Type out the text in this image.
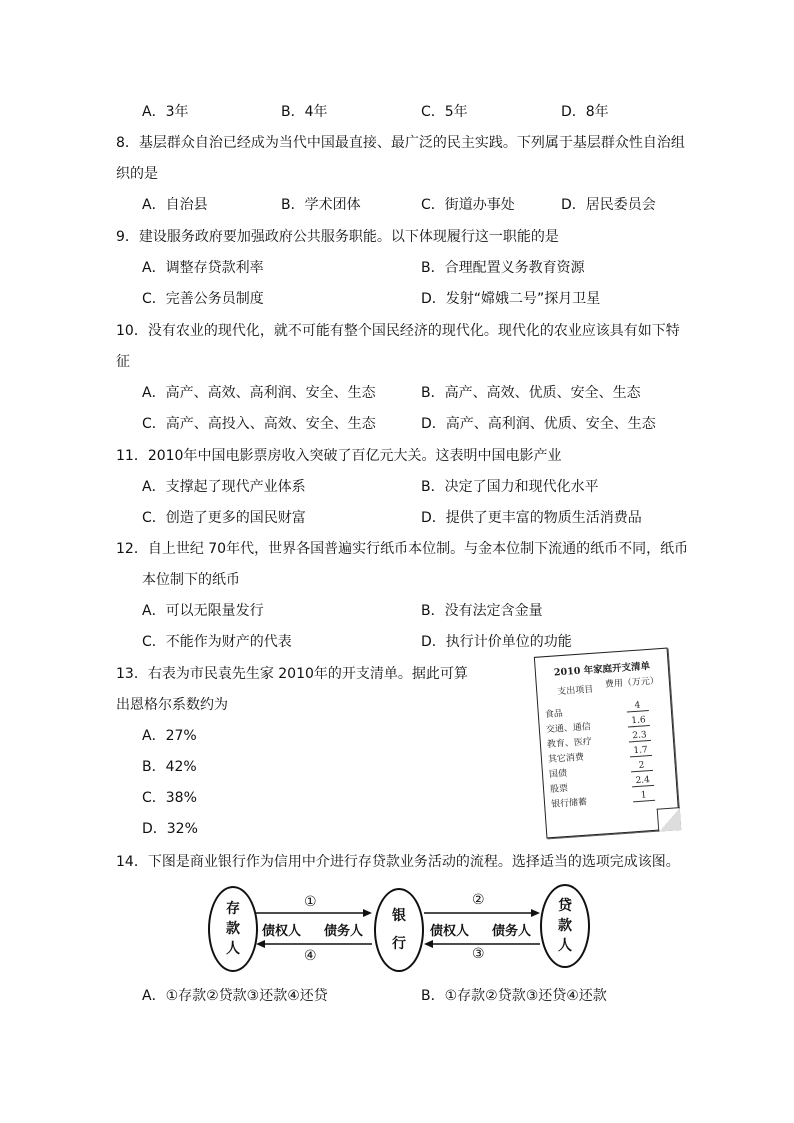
A．3年	B．4年	C．5年	D．8年
8．基层群众自治已经成为当代中国最直接、最广泛的民主实践。下列属于基层群众性自治组
织的是
A．自治县	B．学术团体	C．街道办事处	D．居民委员会
9．建设服务政府要加强政府公共服务职能。以下体现履行这一职能的是
A．调整存贷款利率	B．合理配置义务教育资源
C．完善公务员制度	D．发射“嫦娥二号”探月卫星
10．没有农业的现代化，就不可能有整个国民经济的现代化。现代化的农业应该具有如下特
征
A．高产、高效、高利润、安全、生态	B．高产、高效、优质、安全、生态
C．高产、高投入、高效、安全、生态	D．高产、高利润、优质、安全、生态
11．2010年中国电影票房收入突破了百亿元大关。这表明中国电影产业
A．支撑起了现代产业体系	B．决定了国力和现代化水平
C．创造了更多的国民财富	D．提供了更丰富的物质生活消费品
12．自上世纪 70年代，世界各国普遍实行纸币本位制。与金本位制下流通的纸币不同，纸币
本位制下的纸币
A．可以无限量发行	B．没有法定含金量
C．不能作为财产的代表	D．执行计价单位的功能
13．右表为市民袁先生家 2010年的开支清单。据此可算
出恩格尔系数约为
A．27%
B．42%
C．38%
D．32%
2010 年家庭开支清单
支出项目
费用（万元）
食品
4
交通、通信
1.6
教育、医疗
2.3
其它消费
1.7
国债
2
股票
2.4
银行储蓄
1
14．下图是商业银行作为信用中介进行存贷款业务活动的流程。选择适当的选项完成该图。
存
款
人
银
行
贷
款
人
①	②
③
④
债权人 债务人	债权人 债务人
A．①存款②贷款③还款④还贷	B．①存款②贷款③还贷④还款
